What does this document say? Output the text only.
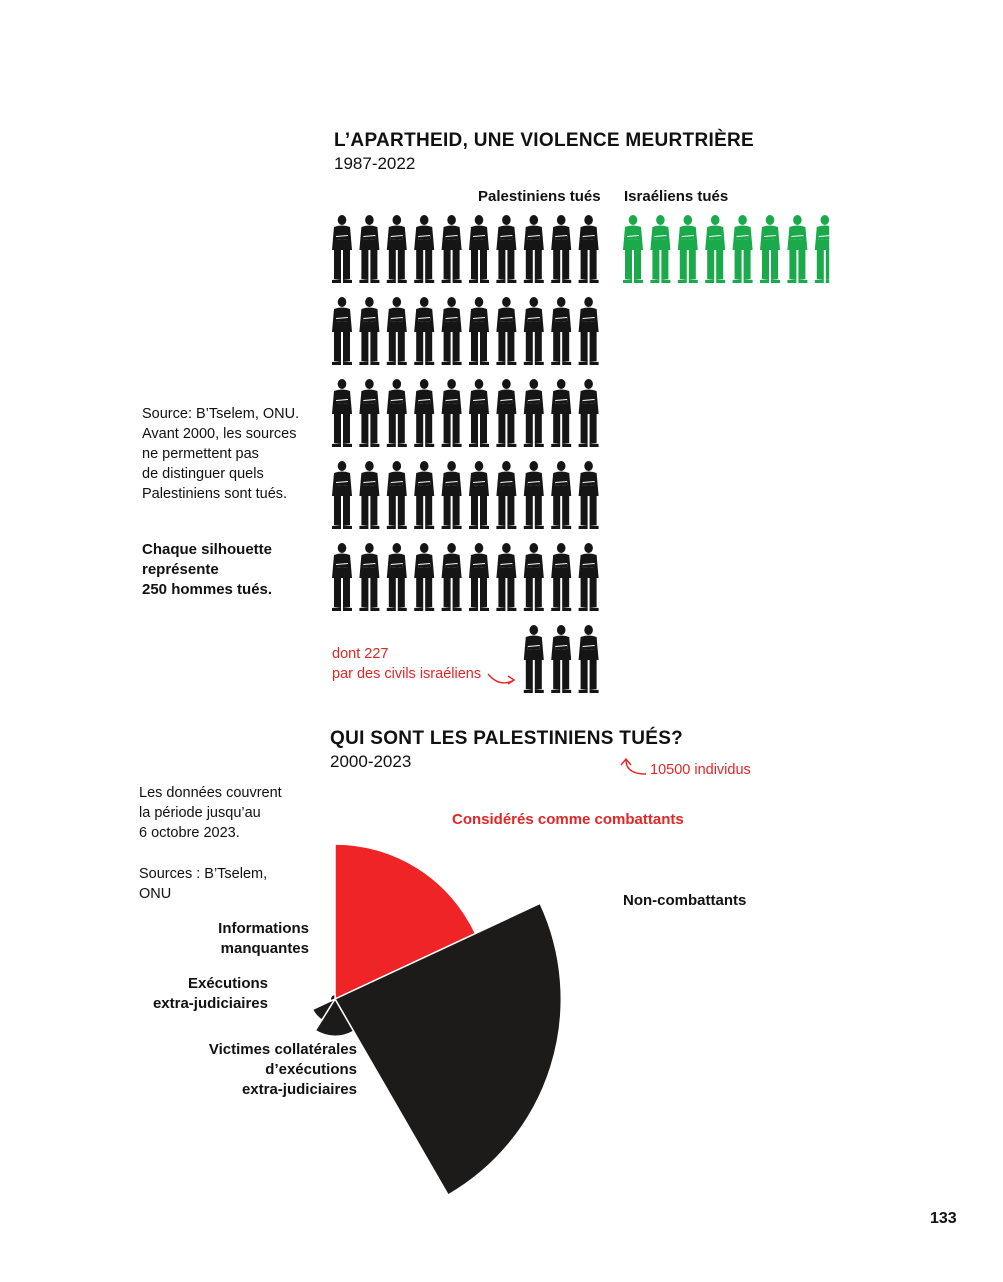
L’APARTHEID, UNE VIOLENCE MEURTRIÈRE
1987-2022
Palestiniens tués Israéliens tués
Source: B’Tselem, ONU.
Avant 2000, les sources
ne permettent pas
de distinguer quels
Palestiniens sont tués.
Chaque silhouette
représente
250 hommes tués.
dont 227
par des civils israéliens
QUI SONT LES PALESTINIENS TUÉS?
2000-2023	10500 individus
Les données couvrent
la période jusqu’au
6 octobre 2023.
Sources : B’Tselem,
ONU
Considérés comme combattants
Non-combattants
Informations
manquantes
Exécutions
extra-judiciaires
Victimes collatérales
d’exécutions
extra-judiciaires
133
